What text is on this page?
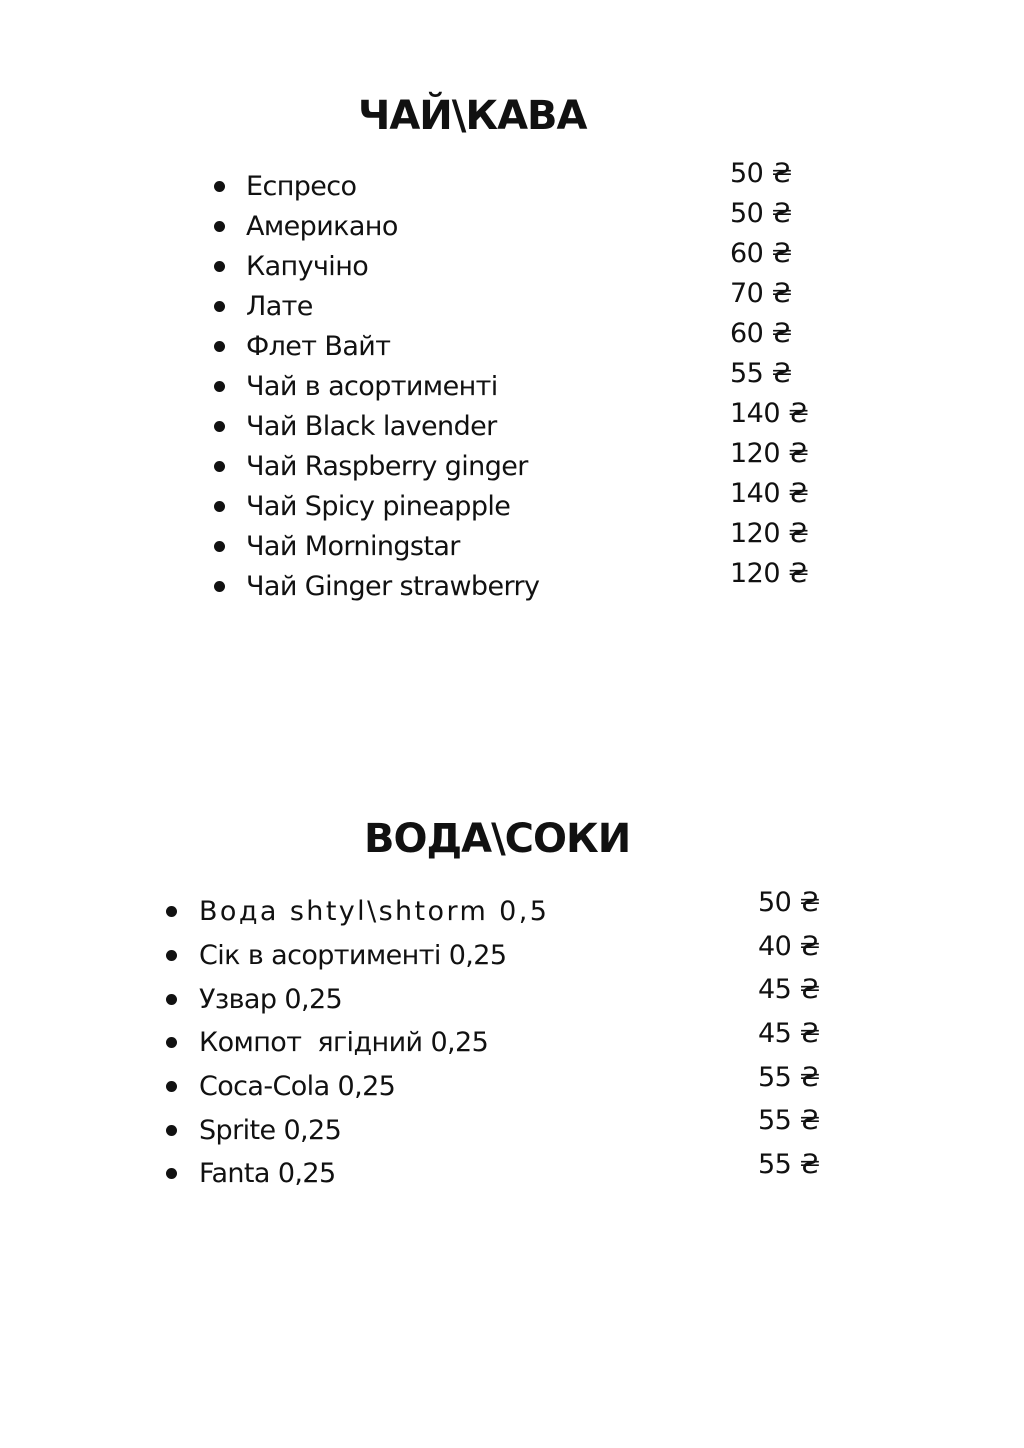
ЧАЙ\КАВА
Еспресо	50 ₴
Американо	50 ₴
Капучіно	60 ₴
Лате	70 ₴
Флет Вайт	60 ₴
Чай в асортименті	55 ₴
Чай Black lavender	140 ₴
Чай Raspberry ginger	120 ₴
Чай Spicy pineapple	140 ₴
Чай Morningstar	120 ₴
Чай Ginger strawberry	120 ₴
ВОДА\СОКИ
Вода shtyl\shtorm 0,5	50 ₴
Сік в асортименті 0,25	40 ₴
Узвар 0,25	45 ₴
Компот  ягідний 0,25	45 ₴
Coca-Cola 0,25	55 ₴
Sprite 0,25	55 ₴
Fanta 0,25	55 ₴
